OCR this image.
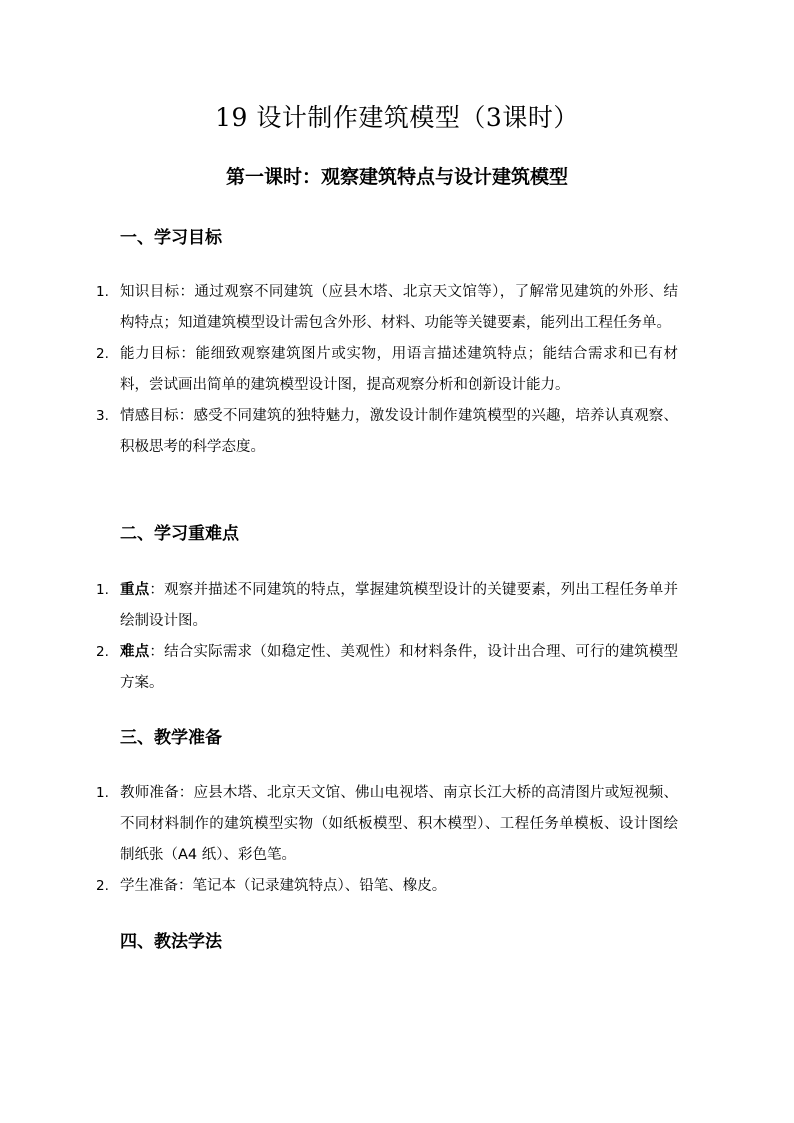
19 设计制作建筑模型（3课时）
第一课时：观察建筑特点与设计建筑模型
一、学习目标
1. 知识目标：通过观察不同建筑（应县木塔、北京天文馆等），了解常见建筑的外形、结构特点；知道建筑模型设计需包含外形、材料、功能等关键要素，能列出工程任务单。
2. 能力目标：能细致观察建筑图片或实物，用语言描述建筑特点；能结合需求和已有材料，尝试画出简单的建筑模型设计图，提高观察分析和创新设计能力。
3. 情感目标：感受不同建筑的独特魅力，激发设计制作建筑模型的兴趣，培养认真观察、积极思考的科学态度。
二、学习重难点
1. 重点：观察并描述不同建筑的特点，掌握建筑模型设计的关键要素，列出工程任务单并绘制设计图。
2. 难点：结合实际需求（如稳定性、美观性）和材料条件，设计出合理、可行的建筑模型方案。
三、教学准备
1. 教师准备：应县木塔、北京天文馆、佛山电视塔、南京长江大桥的高清图片或短视频、不同材料制作的建筑模型实物（如纸板模型、积木模型）、工程任务单模板、设计图绘制纸张（A4 纸）、彩色笔。
2. 学生准备：笔记本（记录建筑特点）、铅笔、橡皮。
四、教法学法
